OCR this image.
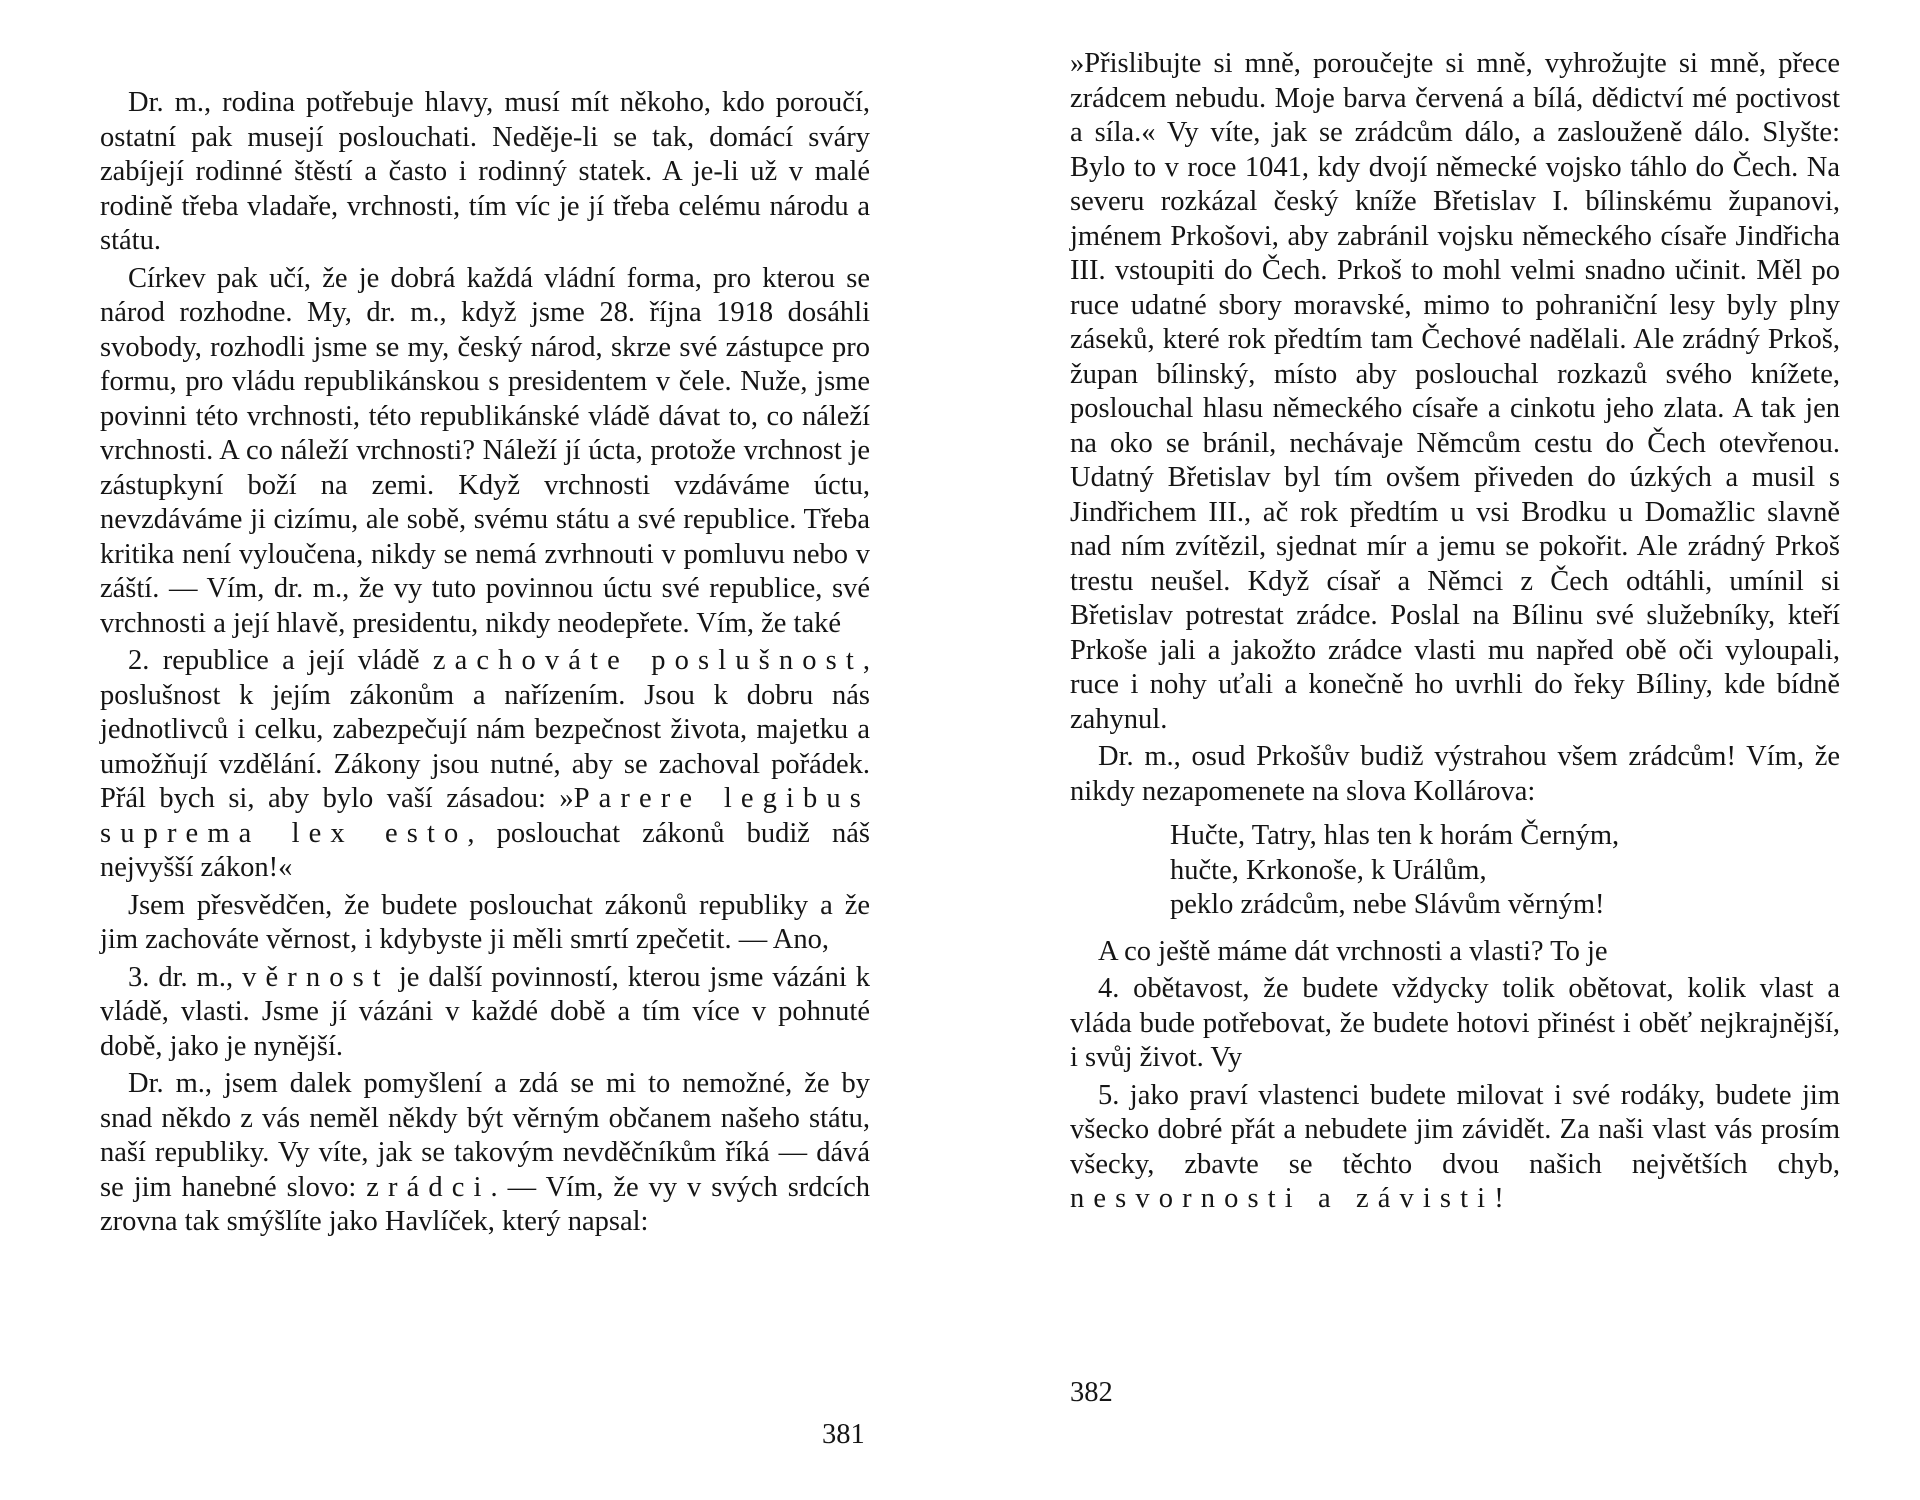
Dr. m., rodina potřebuje hlavy, musí mít někoho, kdo poroučí, ostatní pak musejí poslouchati. Neděje-li se tak, domácí sváry zabíjejí rodinné štěstí a často i rodinný statek. A je-li už v malé rodině třeba vladaře, vrchnosti, tím víc je jí třeba celému národu a státu.

Církev pak učí, že je dobrá každá vládní forma, pro kterou se národ rozhodne. My, dr. m., když jsme 28. října 1918 dosáhli svobody, rozhodli jsme se my, český národ, skrze své zástupce pro formu, pro vládu republikánskou s presidentem v čele. Nuže, jsme povinni této vrchnosti, této republikánské vládě dávat to, co náleží vrchnosti. A co náleží vrchnosti? Náleží jí úcta, protože vrchnost je zástupkyní boží na zemi. Když vrchnosti vzdáváme úctu, nevzdáváme ji cizímu, ale sobě, svému státu a své republice. Třeba kritika není vyloučena, nikdy se nemá zvrhnouti v pomluvu nebo v záští. — Vím, dr. m., že vy tuto povinnou úctu své republice, své vrchnosti a její hlavě, presidentu, nikdy neodepřete. Vím, že také

2. republice a její vládě zachováte poslušnost, poslušnost k jejím zákonům a nařízením. Jsou k dobru nás jednotlivců i celku, zabezpečují nám bezpečnost života, majetku a umožňují vzdělání. Zákony jsou nutné, aby se zachoval pořádek. Přál bych si, aby bylo vaší zásadou: »Parere legibus suprema lex esto, poslouchat zákonů budiž náš nejvyšší zákon!«

Jsem přesvědčen, že budete poslouchat zákonů republiky a že jim zachováte věrnost, i kdybyste ji měli smrtí zpečetit. — Ano,

3. dr. m., věrnost je další povinností, kterou jsme vázáni k vládě, vlasti. Jsme jí vázáni v každé době a tím více v pohnuté době, jako je nynější.

Dr. m., jsem dalek pomyšlení a zdá se mi to nemožné, že by snad někdo z vás neměl někdy být věrným občanem našeho státu, naší republiky. Vy víte, jak se takovým nevděčníkům říká — dává se jim hanebné slovo: zrádci. — Vím, že vy v svých srdcích zrovna tak smýšlíte jako Havlíček, který napsal:

381

»Přislibujte si mně, poroučejte si mně, vyhrožujte si mně, přece zrádcem nebudu. Moje barva červená a bílá, dědictví mé poctivost a síla.« Vy víte, jak se zrádcům dálo, a zaslouženě dálo. Slyšte: Bylo to v roce 1041, kdy dvojí německé vojsko táhlo do Čech. Na severu rozkázal český kníže Břetislav I. bílinskému županovi, jménem Prkošovi, aby zabránil vojsku německého císaře Jindřicha III. vstoupiti do Čech. Prkoš to mohl velmi snadno učinit. Měl po ruce udatné sbory moravské, mimo to pohraniční lesy byly plny záseků, které rok předtím tam Čechové nadělali. Ale zrádný Prkoš, župan bílinský, místo aby poslouchal rozkazů svého knížete, poslouchal hlasu německého císaře a cinkotu jeho zlata. A tak jen na oko se bránil, nechávaje Němcům cestu do Čech otevřenou. Udatný Břetislav byl tím ovšem přiveden do úzkých a musil s Jindřichem III., ač rok předtím u vsi Brodku u Domažlic slavně nad ním zvítězil, sjednat mír a jemu se pokořit. Ale zrádný Prkoš trestu neušel. Když císař a Němci z Čech odtáhli, umínil si Břetislav potrestat zrádce. Poslal na Bílinu své služebníky, kteří Prkoše jali a jakožto zrádce vlasti mu napřed obě oči vyloupali, ruce i nohy uťali a konečně ho uvrhli do řeky Bíliny, kde bídně zahynul.

Dr. m., osud Prkošův budiž výstrahou všem zrádcům! Vím, že nikdy nezapomenete na slova Kollárova:

Hučte, Tatry, hlas ten k horám Černým,
hučte, Krkonoše, k Urálům,
peklo zrádcům, nebe Slávům věrným!

A co ještě máme dát vrchnosti a vlasti? To je

4. obětavost, že budete vždycky tolik obětovat, kolik vlast a vláda bude potřebovat, že budete hotovi přinést i oběť nejkrajnější, i svůj život. Vy

5. jako praví vlastenci budete milovat i své rodáky, budete jim všecko dobré přát a nebudete jim závidět. Za naši vlast vás prosím všecky, zbavte se těchto dvou našich největších chyb, nesvornosti a závisti!

382
